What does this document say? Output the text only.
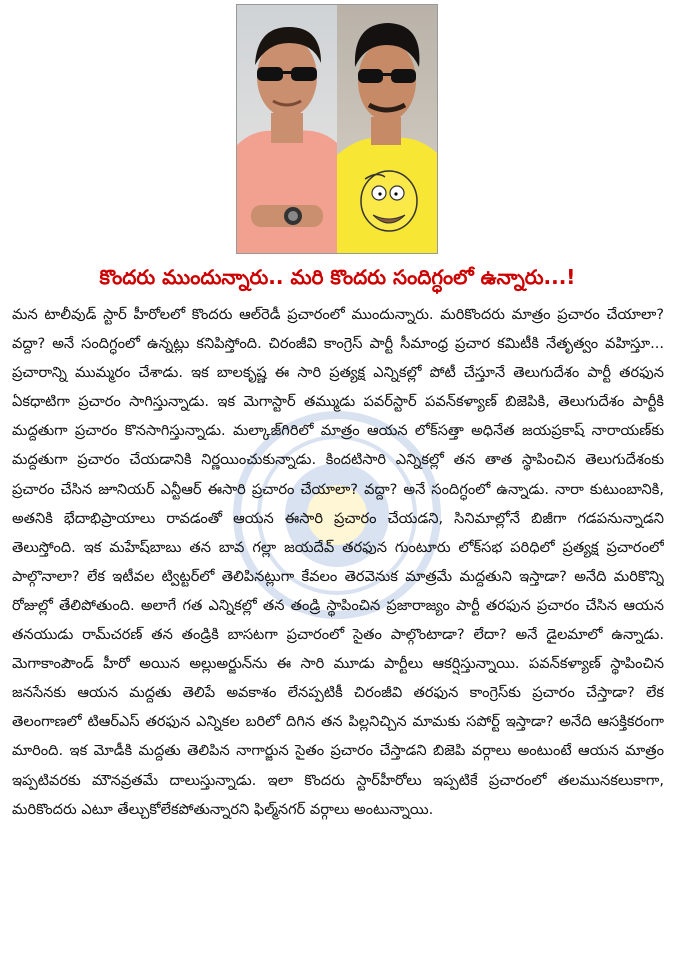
కొందరు ముందున్నారు.. మరి కొందరు సందిగ్ధంలో ఉన్నారు...!
మన టాలీవుడ్ స్టార్ హీరోలలో కొందరు ఆల్‌రెడీ ప్రచారంలో ముందున్నారు. మరికొందరు మాత్రం ప్రచారం చేయాలా? వద్దా? అనే సందిగ్ధంలో ఉన్నట్లు కనిపిస్తోంది. చిరంజీవి కాంగ్రెస్ పార్టీ సీమాంధ్ర ప్రచార కమిటీకి నేతృత్వం వహిస్తూ... ప్రచారాన్ని ముమ్మరం చేశాడు. ఇక బాలకృష్ణ ఈ సారి ప్రత్యక్ష ఎన్నికల్లో పోటీ చేస్తూనే తెలుగుదేశం పార్టీ తరఫున ఏకధాటిగా ప్రచారం సాగిస్తున్నాడు. ఇక మెగాస్టార్ తమ్ముడు పవర్‌స్టార్ పవన్‌కళ్యాణ్ బిజెపికి, తెలుగుదేశం పార్టీకి మద్దతుగా ప్రచారం కొనసాగిస్తున్నాడు. మల్కాజ్‌గిరిలో మాత్రం ఆయన లోక్‌సత్తా అధినేత జయప్రకాష్ నారాయణ్‌కు మద్దతుగా ప్రచారం చేయడానికి నిర్ణయించుకున్నాడు. కిందటిసారి ఎన్నికల్లో తన తాత స్థాపించిన తెలుగుదేశంకు ప్రచారం చేసిన జూనియర్ ఎన్టీఆర్ ఈసారి ప్రచారం చేయాలా? వద్దా? అనే సందిగ్ధంలో ఉన్నాడు. నారా కుటుంబానికి, అతనికి భేదాభిప్రాయాలు రావడంతో ఆయన ఈసారి ప్రచారం చేయడని, సినిమాల్లోనే బిజీగా గడపనున్నాడని తెలుస్తోంది. ఇక మహేష్‌బాబు తన బావ గల్లా జయదేవ్ తరఫున గుంటూరు లోక్‌సభ పరిధిలో ప్రత్యక్ష ప్రచారంలో పాల్గొనాలా? లేక ఇటీవల ట్విట్టర్‌లో తెలిపినట్లుగా కేవలం తెరవెనుక మాత్రమే మద్దతుని ఇస్తాడా? అనేది మరికొన్ని రోజుల్లో తేలిపోతుంది. అలాగే గత ఎన్నికల్లో తన తండ్రి స్థాపించిన ప్రజారాజ్యం పార్టీ తరఫున ప్రచారం చేసిన ఆయన తనయుడు రామ్‌చరణ్ తన తండ్రికి బాసటగా ప్రచారంలో సైతం పాల్గొంటాడా? లేదా? అనే డైలమాలో ఉన్నాడు. మెగాకాంపౌండ్ హీరో అయిన అల్లుఅర్జున్‌ను ఈ సారి మూడు పార్టీలు ఆకర్షిస్తున్నాయి. పవన్‌కళ్యాణ్ స్థాపించిన జనసేనకు ఆయన మద్దతు తెలిపే అవకాశం లేనప్పటికీ చిరంజీవి తరఫున కాంగ్రెస్‌కు ప్రచారం చేస్తాడా? లేక తెలంగాణలో టిఆర్ఎస్ తరఫున ఎన్నికల బరిలో దిగిన తన పిల్లనిచ్చిన మామకు సపోర్ట్ ఇస్తాడా? అనేది ఆసక్తికరంగా మారింది. ఇక మోడీకి మద్దతు తెలిపిన నాగార్జున సైతం ప్రచారం చేస్తాడని బిజెపి వర్గాలు అంటుంటే ఆయన మాత్రం ఇప్పటివరకు మౌనవ్రతమే దాలుస్తున్నాడు. ఇలా కొందరు స్టార్‌హీరోలు ఇప్పటికే ప్రచారంలో తలమునకలుకాగా, మరికొందరు ఎటూ తేల్చుకోలేకపోతున్నారని ఫిల్మ్‌నగర్ వర్గాలు అంటున్నాయి.
